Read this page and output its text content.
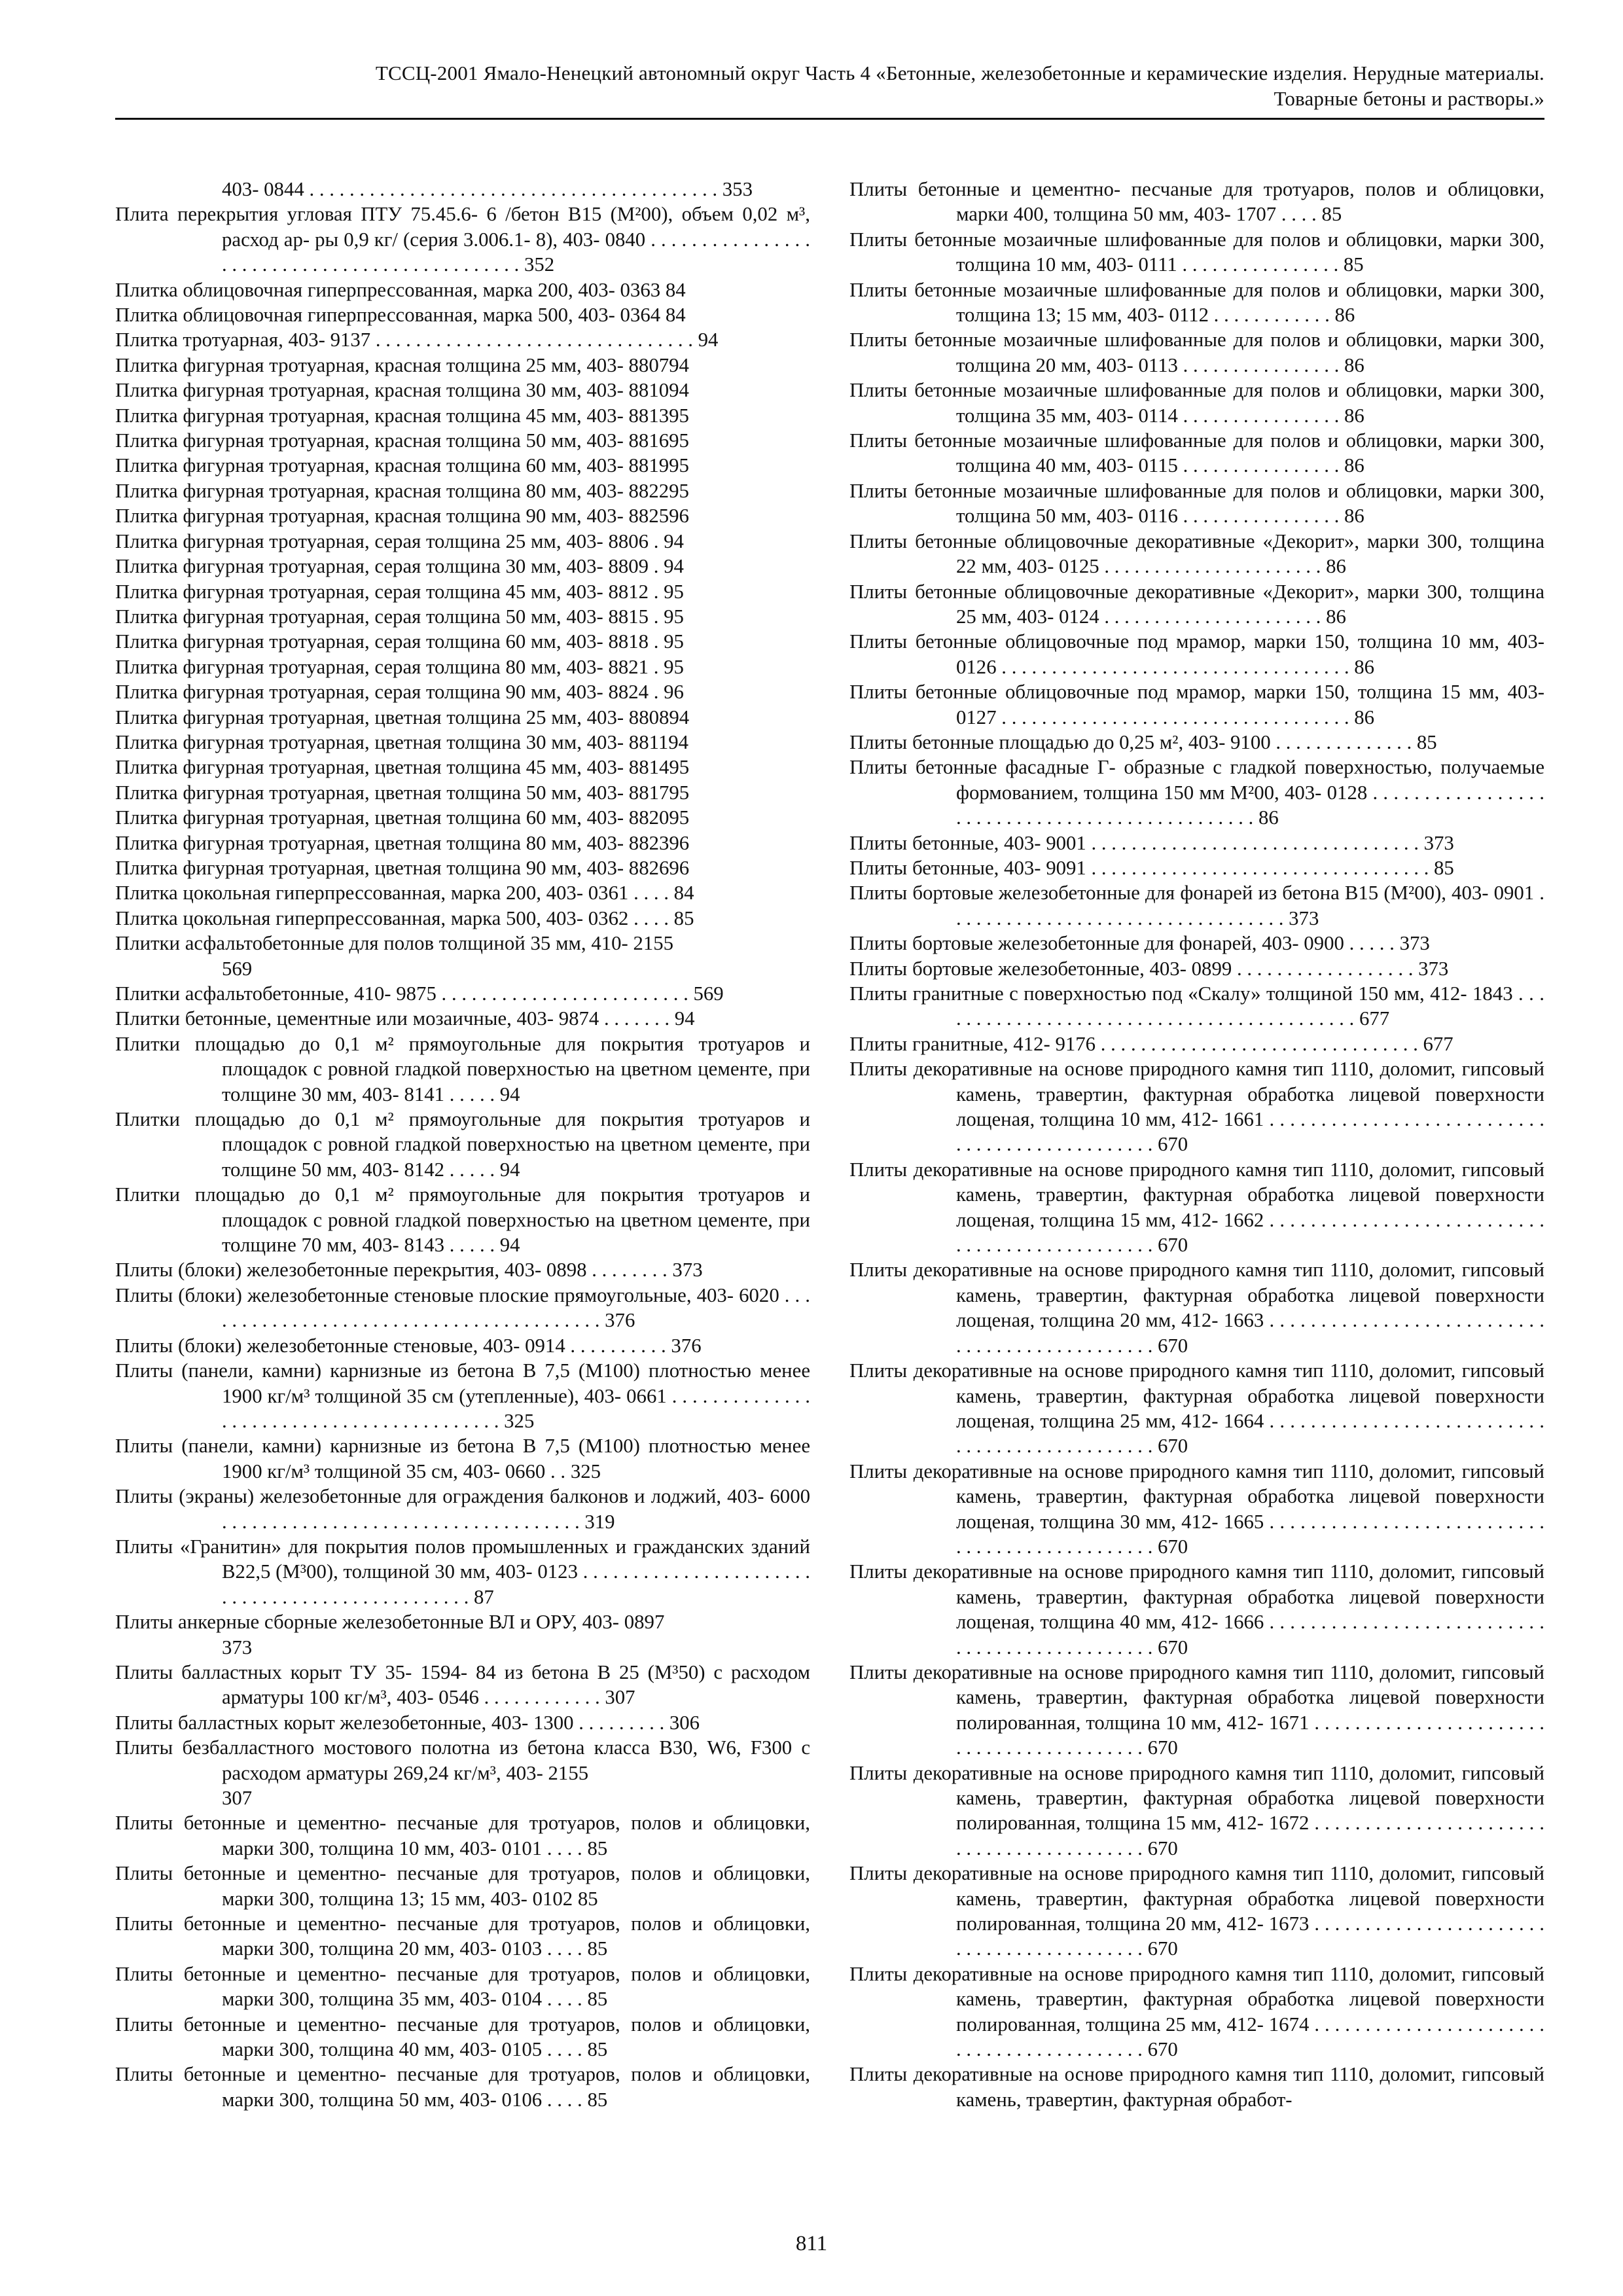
ТССЦ-2001 Ямало-Ненецкий автономный округ Часть 4 «Бетонные, железобетонные и керамические изделия. Нерудные материалы.
Товарные бетоны и растворы.»

403- 0844 . . . . . . . . . . . . . . . . . . . . . . . . . . . . . . . . . . . . . . . . . 353

Плита перекрытия угловая ПТУ 75.45.6- 6 /бетон В15 (М²00), объем 0,02 м³, расход ар- ры 0,9 кг/ (серия 3.006.1- 8), 403- 0840 . . . . . . . . . . . . . . . . . . . . . . . . . . . . . . . . . . . . . . . . . . . . . . 352

Плитка облицовочная гиперпрессованная, марка 200, 403- 0363 84

Плитка облицовочная гиперпрессованная, марка 500, 403- 0364 84

Плитка тротуарная, 403- 9137 . . . . . . . . . . . . . . . . . . . . . . . . . . . . . . . . 94

Плитка фигурная тротуарная, красная толщина 25 мм, 403- 880794

Плитка фигурная тротуарная, красная толщина 30 мм, 403- 881094

Плитка фигурная тротуарная, красная толщина 45 мм, 403- 881395

Плитка фигурная тротуарная, красная толщина 50 мм, 403- 881695

Плитка фигурная тротуарная, красная толщина 60 мм, 403- 881995

Плитка фигурная тротуарная, красная толщина 80 мм, 403- 882295

Плитка фигурная тротуарная, красная толщина 90 мм, 403- 882596

Плитка фигурная тротуарная, серая толщина 25 мм, 403- 8806 . 94

Плитка фигурная тротуарная, серая толщина 30 мм, 403- 8809 . 94

Плитка фигурная тротуарная, серая толщина 45 мм, 403- 8812 . 95

Плитка фигурная тротуарная, серая толщина 50 мм, 403- 8815 . 95

Плитка фигурная тротуарная, серая толщина 60 мм, 403- 8818 . 95

Плитка фигурная тротуарная, серая толщина 80 мм, 403- 8821 . 95

Плитка фигурная тротуарная, серая толщина 90 мм, 403- 8824 . 96

Плитка фигурная тротуарная, цветная толщина 25 мм, 403- 880894

Плитка фигурная тротуарная, цветная толщина 30 мм, 403- 881194

Плитка фигурная тротуарная, цветная толщина 45 мм, 403- 881495

Плитка фигурная тротуарная, цветная толщина 50 мм, 403- 881795

Плитка фигурная тротуарная, цветная толщина 60 мм, 403- 882095

Плитка фигурная тротуарная, цветная толщина 80 мм, 403- 882396

Плитка фигурная тротуарная, цветная толщина 90 мм, 403- 882696

Плитка цокольная гиперпрессованная, марка 200, 403- 0361 . . . . 84

Плитка цокольная гиперпрессованная, марка 500, 403- 0362 . . . . 85

Плитки асфальтобетонные для полов толщиной 35 мм, 410- 2155

569

Плитки асфальтобетонные, 410- 9875 . . . . . . . . . . . . . . . . . . . . . . . . . 569

Плитки бетонные, цементные или мозаичные, 403- 9874 . . . . . . . 94

Плитки площадью до 0,1 м² прямоугольные для покрытия тротуаров и площадок с ровной гладкой поверхностью на цветном цементе, при толщине 30 мм, 403- 8141 . . . . . 94

Плитки площадью до 0,1 м² прямоугольные для покрытия тротуаров и площадок с ровной гладкой поверхностью на цветном цементе, при толщине 50 мм, 403- 8142 . . . . . 94

Плитки площадью до 0,1 м² прямоугольные для покрытия тротуаров и площадок с ровной гладкой поверхностью на цветном цементе, при толщине 70 мм, 403- 8143 . . . . . 94

Плиты (блоки) железобетонные перекрытия, 403- 0898 . . . . . . . . 373

Плиты (блоки) железобетонные стеновые плоские прямоугольные, 403- 6020 . . . . . . . . . . . . . . . . . . . . . . . . . . . . . . . . . . . . . . . . . 376

Плиты (блоки) железобетонные стеновые, 403- 0914 . . . . . . . . . . 376

Плиты (панели, камни) карнизные из бетона В 7,5 (М100) плотностью менее 1900 кг/м³ толщиной 35 см (утепленные), 403- 0661 . . . . . . . . . . . . . . . . . . . . . . . . . . . . . . . . . . . . . . . . . . 325

Плиты (панели, камни) карнизные из бетона В 7,5 (М100) плотностью менее 1900 кг/м³ толщиной 35 см, 403- 0660 . . 325

Плиты (экраны) железобетонные для ограждения балконов и лоджий, 403- 6000 . . . . . . . . . . . . . . . . . . . . . . . . . . . . . . . . . . . . 319

Плиты «Гранитин» для покрытия полов промышленных и гражданских зданий В22,5 (М³00), толщиной 30 мм, 403- 0123 . . . . . . . . . . . . . . . . . . . . . . . . . . . . . . . . . . . . . . . . . . . . . . . . 87

Плиты анкерные сборные железобетонные ВЛ и ОРУ, 403- 0897

373

Плиты балластных корыт ТУ 35- 1594- 84 из бетона В 25 (М³50) с расходом арматуры 100 кг/м³, 403- 0546 . . . . . . . . . . . . 307

Плиты балластных корыт железобетонные, 403- 1300 . . . . . . . . . 306

Плиты безбалластного мостового полотна из бетона класса В30, W6, F300 с расходом арматуры 269,24 кг/м³, 403- 2155

307

Плиты бетонные и цементно- песчаные для тротуаров, полов и облицовки, марки 300, толщина 10 мм, 403- 0101 . . . . 85

Плиты бетонные и цементно- песчаные для тротуаров, полов и облицовки, марки 300, толщина 13; 15 мм, 403- 0102 85

Плиты бетонные и цементно- песчаные для тротуаров, полов и облицовки, марки 300, толщина 20 мм, 403- 0103 . . . . 85

Плиты бетонные и цементно- песчаные для тротуаров, полов и облицовки, марки 300, толщина 35 мм, 403- 0104 . . . . 85

Плиты бетонные и цементно- песчаные для тротуаров, полов и облицовки, марки 300, толщина 40 мм, 403- 0105 . . . . 85

Плиты бетонные и цементно- песчаные для тротуаров, полов и облицовки, марки 300, толщина 50 мм, 403- 0106 . . . . 85

Плиты бетонные и цементно- песчаные для тротуаров, полов и облицовки, марки 400, толщина 50 мм, 403- 1707 . . . . 85

Плиты бетонные мозаичные шлифованные для полов и облицовки, марки 300, толщина 10 мм, 403- 0111 . . . . . . . . . . . . . . . . 85

Плиты бетонные мозаичные шлифованные для полов и облицовки, марки 300, толщина 13; 15 мм, 403- 0112 . . . . . . . . . . . . 86

Плиты бетонные мозаичные шлифованные для полов и облицовки, марки 300, толщина 20 мм, 403- 0113 . . . . . . . . . . . . . . . . 86

Плиты бетонные мозаичные шлифованные для полов и облицовки, марки 300, толщина 35 мм, 403- 0114 . . . . . . . . . . . . . . . . 86

Плиты бетонные мозаичные шлифованные для полов и облицовки, марки 300, толщина 40 мм, 403- 0115 . . . . . . . . . . . . . . . . 86

Плиты бетонные мозаичные шлифованные для полов и облицовки, марки 300, толщина 50 мм, 403- 0116 . . . . . . . . . . . . . . . . 86

Плиты бетонные облицовочные декоративные «Декорит», марки 300, толщина 22 мм, 403- 0125 . . . . . . . . . . . . . . . . . . . . . . 86

Плиты бетонные облицовочные декоративные «Декорит», марки 300, толщина 25 мм, 403- 0124 . . . . . . . . . . . . . . . . . . . . . . 86

Плиты бетонные облицовочные под мрамор, марки 150, толщина 10 мм, 403- 0126 . . . . . . . . . . . . . . . . . . . . . . . . . . . . . . . . . . . 86

Плиты бетонные облицовочные под мрамор, марки 150, толщина 15 мм, 403- 0127 . . . . . . . . . . . . . . . . . . . . . . . . . . . . . . . . . . . 86

Плиты бетонные площадью до 0,25 м², 403- 9100 . . . . . . . . . . . . . . 85

Плиты бетонные фасадные Г- образные с гладкой поверхностью, получаемые формованием, толщина 150 мм М²00, 403- 0128 . . . . . . . . . . . . . . . . . . . . . . . . . . . . . . . . . . . . . . . . . . . . . . . 86

Плиты бетонные, 403- 9001 . . . . . . . . . . . . . . . . . . . . . . . . . . . . . . . . . 373

Плиты бетонные, 403- 9091 . . . . . . . . . . . . . . . . . . . . . . . . . . . . . . . . . . 85

Плиты бортовые железобетонные для фонарей из бетона В15 (М²00), 403- 0901 . . . . . . . . . . . . . . . . . . . . . . . . . . . . . . . . . . 373

Плиты бортовые железобетонные для фонарей, 403- 0900 . . . . . 373

Плиты бортовые железобетонные, 403- 0899 . . . . . . . . . . . . . . . . . . 373

Плиты гранитные с поверхностью под «Скалу» толщиной 150 мм, 412- 1843 . . . . . . . . . . . . . . . . . . . . . . . . . . . . . . . . . . . . . . . . . . . 677

Плиты гранитные, 412- 9176 . . . . . . . . . . . . . . . . . . . . . . . . . . . . . . . . 677

Плиты декоративные на основе природного камня тип 1110, доломит, гипсовый камень, травертин, фактурная обработка лицевой поверхности лощеная, толщина 10 мм, 412- 1661 . . . . . . . . . . . . . . . . . . . . . . . . . . . . . . . . . . . . . . . . . . . . . . . 670

Плиты декоративные на основе природного камня тип 1110, доломит, гипсовый камень, травертин, фактурная обработка лицевой поверхности лощеная, толщина 15 мм, 412- 1662 . . . . . . . . . . . . . . . . . . . . . . . . . . . . . . . . . . . . . . . . . . . . . . . 670

Плиты декоративные на основе природного камня тип 1110, доломит, гипсовый камень, травертин, фактурная обработка лицевой поверхности лощеная, толщина 20 мм, 412- 1663 . . . . . . . . . . . . . . . . . . . . . . . . . . . . . . . . . . . . . . . . . . . . . . . 670

Плиты декоративные на основе природного камня тип 1110, доломит, гипсовый камень, травертин, фактурная обработка лицевой поверхности лощеная, толщина 25 мм, 412- 1664 . . . . . . . . . . . . . . . . . . . . . . . . . . . . . . . . . . . . . . . . . . . . . . . 670

Плиты декоративные на основе природного камня тип 1110, доломит, гипсовый камень, травертин, фактурная обработка лицевой поверхности лощеная, толщина 30 мм, 412- 1665 . . . . . . . . . . . . . . . . . . . . . . . . . . . . . . . . . . . . . . . . . . . . . . . 670

Плиты декоративные на основе природного камня тип 1110, доломит, гипсовый камень, травертин, фактурная обработка лицевой поверхности лощеная, толщина 40 мм, 412- 1666 . . . . . . . . . . . . . . . . . . . . . . . . . . . . . . . . . . . . . . . . . . . . . . . 670

Плиты декоративные на основе природного камня тип 1110, доломит, гипсовый камень, травертин, фактурная обработка лицевой поверхности полированная, толщина 10 мм, 412- 1671 . . . . . . . . . . . . . . . . . . . . . . . . . . . . . . . . . . . . . . . . . . 670

Плиты декоративные на основе природного камня тип 1110, доломит, гипсовый камень, травертин, фактурная обработка лицевой поверхности полированная, толщина 15 мм, 412- 1672 . . . . . . . . . . . . . . . . . . . . . . . . . . . . . . . . . . . . . . . . . . 670

Плиты декоративные на основе природного камня тип 1110, доломит, гипсовый камень, травертин, фактурная обработка лицевой поверхности полированная, толщина 20 мм, 412- 1673 . . . . . . . . . . . . . . . . . . . . . . . . . . . . . . . . . . . . . . . . . . 670

Плиты декоративные на основе природного камня тип 1110, доломит, гипсовый камень, травертин, фактурная обработка лицевой поверхности полированная, толщина 25 мм, 412- 1674 . . . . . . . . . . . . . . . . . . . . . . . . . . . . . . . . . . . . . . . . . . 670

Плиты декоративные на основе природного камня тип 1110, доломит, гипсовый камень, травертин, фактурная обработ-

811
